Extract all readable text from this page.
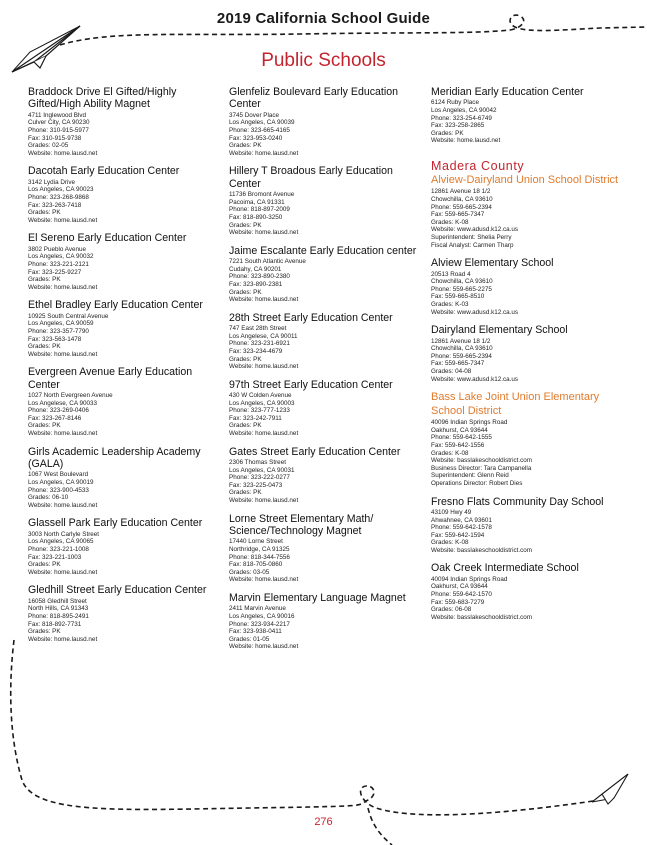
2019 California School Guide
Public Schools
Braddock Drive El Gifted/Highly Gifted/High Ability Magnet
4711 Inglewood Blvd
Culver City, CA 90230
Phone: 310-915-5977
Fax: 310-915-9738
Grades: 02-05
Website: home.lausd.net
Dacotah Early Education Center
3142 Lydia Drive
Los Angeles, CA 90023
Phone: 323-268-9868
Fax: 323-263-7418
Grades: PK
Website: home.lausd.net
El Sereno Early Education Center
3802 Pueblo Avenue
Los Angeles, CA 90032
Phone: 323-221-2121
Fax: 323-225-9227
Grades: PK
Website: home.lausd.net
Ethel Bradley Early Education Center
10925 South Central Avenue
Los Angeles, CA 90059
Phone: 323-357-7790
Fax: 323-563-1478
Grades: PK
Website: home.lausd.net
Evergreen Avenue Early Education Center
1027 North Evergreen Avenue
Los Angelese, CA 90033
Phone: 323-269-0406
Fax: 323-267-8146
Grades: PK
Website: home.lausd.net
Girls Academic Leadership Academy (GALA)
1067 West Boulevard
Los Angeles, CA 90019
Phone: 323-900-4533
Grades: 06-10
Website: home.lausd.net
Glassell Park Early Education Center
3003 North Carlyle Street
Los Angeles, CA 90065
Phone: 323-221-1008
Fax: 323-221-1003
Grades: PK
Website: home.lausd.net
Gledhill Street Early Education Center
16058 Gledhill Street
North Hills, CA 91343
Phone: 818-895-2491
Fax: 818-892-7731
Grades: PK
Website: home.lausd.net
Glenfeliz Boulevard Early Education Center
3745 Dover Place
Los Angeles, CA 90039
Phone: 323-665-4165
Fax: 323-953-0240
Grades: PK
Website: home.lausd.net
Hillery T Broadous Early Education Center
11736 Bromont Avenue
Pacoima, CA 91331
Phone: 818-897-2009
Fax: 818-890-3250
Grades: PK
Website: home.lausd.net
Jaime Escalante Early Education center
7221 South Atlantic Avenue
Cudahy, CA 90201
Phone: 323-890-2380
Fax: 323-890-2381
Grades: PK
Website: home.lausd.net
28th Street Early Education Center
747 East 28th Street
Los Angelese, CA 90011
Phone: 323-231-6921
Fax: 323-234-4679
Grades: PK
Website: home.lausd.net
97th Street Early Education Center
430 W Colden Avenue
Los Angeles, CA 90003
Phone: 323-777-1233
Fax: 323-242-7911
Grades: PK
Website: home.lausd.net
Gates Street Early Education Center
2306 Thomas Street
Los Angeles, CA 90031
Phone: 323-222-0277
Fax: 323-225-0473
Grades: PK
Website: home.lausd.net
Lorne Street Elementary Math/ Science/Technology Magnet
17440 Lorne Street
Northridge, CA 91325
Phone: 818-344-7556
Fax: 818-705-0860
Grades: 03-05
Website: home.lausd.net
Marvin Elementary Language Magnet
2411 Marvin Avenue
Los Angeles, CA 90016
Phone: 323-934-2217
Fax: 323-938-0411
Grades: 01-05
Website: home.lausd.net
Meridian Early Education Center
6124 Ruby Place
Los Angeles, CA 90042
Phone: 323-254-6749
Fax: 323-258-2865
Grades: PK
Website: home.lausd.net
Madera County
Alview-Dairyland Union School District
12861 Avenue 18 1/2
Chowchilla, CA 93610
Phone: 559-665-2394
Fax: 559-665-7347
Grades: K-08
Website: www.adusd.k12.ca.us
Superintendent: Shelia Perry
Fiscal Analyst: Carmen Tharp
Alview Elementary School
20513 Road 4
Chowchilla, CA 93610
Phone: 559-665-2275
Fax: 559-665-8510
Grades: K-03
Website: www.adusd.k12.ca.us
Dairyland Elementary School
12861 Avenue 18 1/2
Chowchilla, CA 93610
Phone: 559-665-2394
Fax: 559-665-7347
Grades: 04-08
Website: www.adusd.k12.ca.us
Bass Lake Joint Union Elementary School District
40096 Indian Springs Road
Oakhurst, CA 93644
Phone: 559-642-1555
Fax: 559-642-1556
Grades: K-08
Website: basslakeschooldistrict.com
Business Director: Tara Campanella
Superintendent: Glenn Reid
Operations Director: Robert Dies
Fresno Flats Community Day School
43109 Hwy 49
Ahwahnee, CA 93601
Phone: 559-642-1578
Fax: 559-642-1594
Grades: K-08
Website: basslakeschooldistrict.com
Oak Creek Intermediate School
40094 Indian Springs Road
Oakhurst, CA 93644
Phone: 559-642-1570
Fax: 559-683-7279
Grades: 06-08
Website: basslakeschooldistrict.com
276
